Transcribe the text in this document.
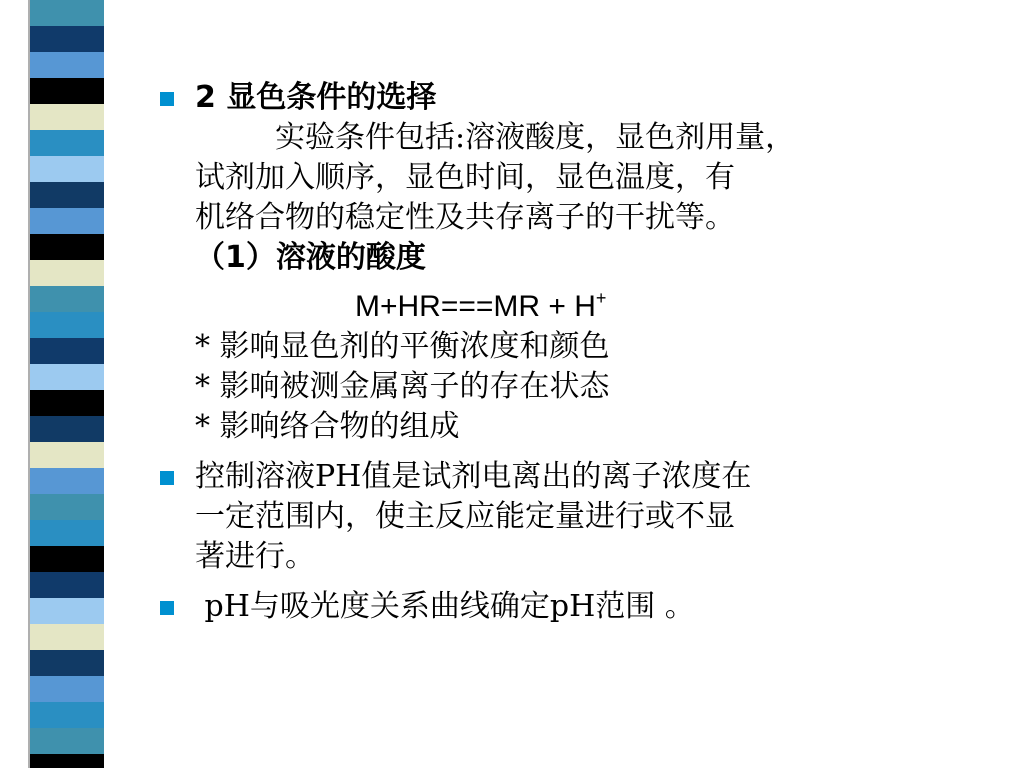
2 显色条件的选择
实验条件包括:溶液酸度，显色剂用量，
试剂加入顺序，显色时间，显色温度，有
机络合物的稳定性及共存离子的干扰等。
（1）溶液的酸度
M+HR===MR + H+
* 影响显色剂的平衡浓度和颜色
* 影响被测金属离子的存在状态
* 影响络合物的组成
控制溶液PH值是试剂电离出的离子浓度在
一定范围内，使主反应能定量进行或不显
著进行。
pH与吸光度关系曲线确定pH范围 。
